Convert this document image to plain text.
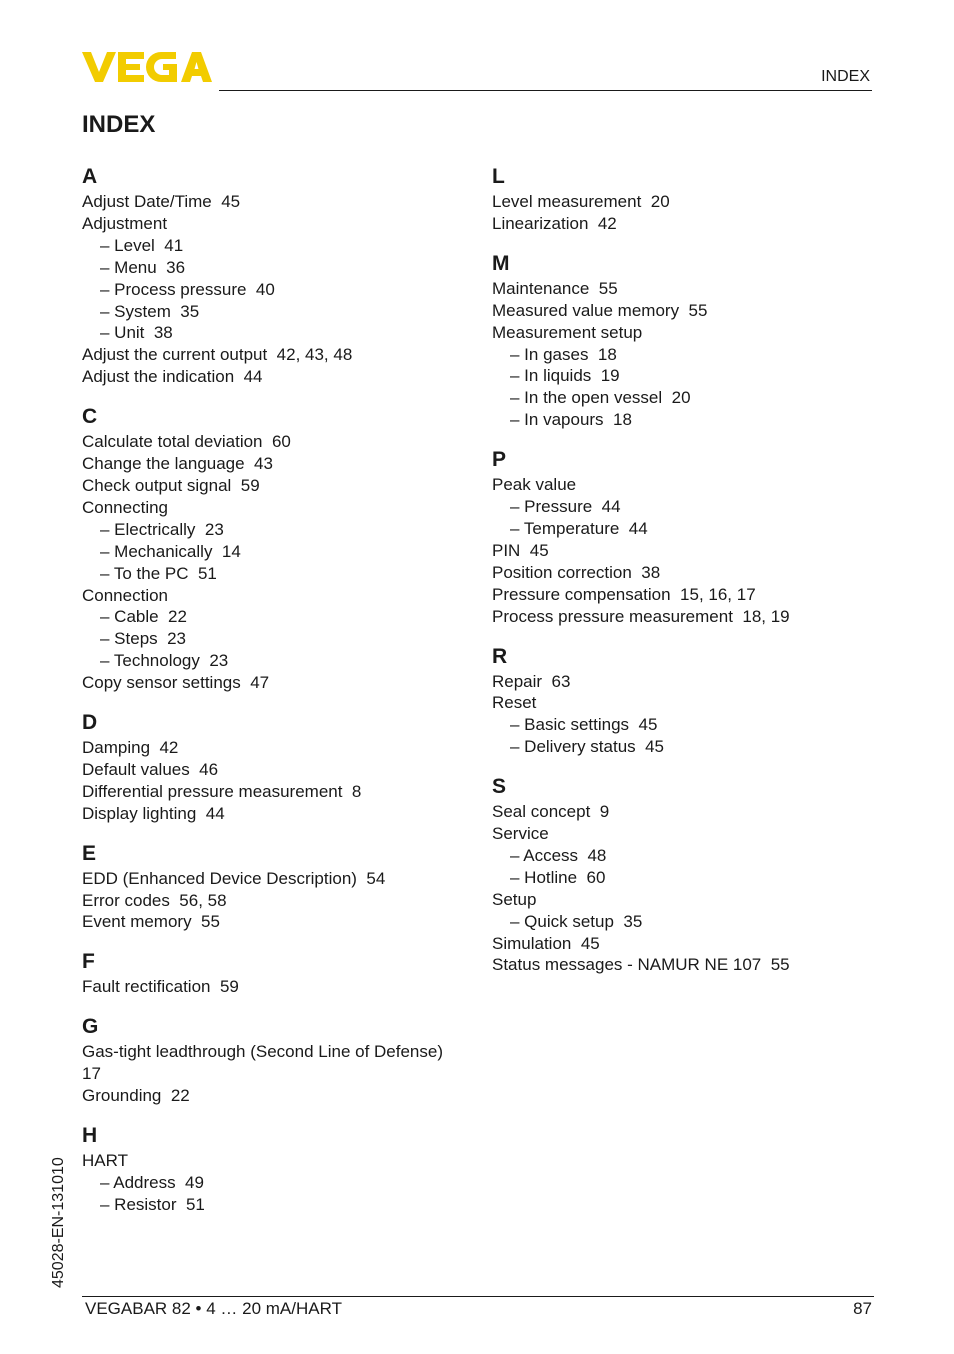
INDEX
INDEX
A
Adjust Date/Time  45
Adjustment
– Level  41
– Menu  36
– Process pressure  40
– System  35
– Unit  38
Adjust the current output  42, 43, 48
Adjust the indication  44
C
Calculate total deviation  60
Change the language  43
Check output signal  59
Connecting
– Electrically  23
– Mechanically  14
– To the PC  51
Connection
– Cable  22
– Steps  23
– Technology  23
Copy sensor settings  47
D
Damping  42
Default values  46
Differential pressure measurement  8
Display lighting  44
E
EDD (Enhanced Device Description)  54
Error codes  56, 58
Event memory  55
F
Fault rectification  59
G
Gas-tight leadthrough (Second Line of Defense)
17
Grounding  22
H
HART
– Address  49
– Resistor  51
L
Level measurement  20
Linearization  42
M
Maintenance  55
Measured value memory  55
Measurement setup
– In gases  18
– In liquids  19
– In the open vessel  20
– In vapours  18
P
Peak value
– Pressure  44
– Temperature  44
PIN  45
Position correction  38
Pressure compensation  15, 16, 17
Process pressure measurement  18, 19
R
Repair  63
Reset
– Basic settings  45
– Delivery status  45
S
Seal concept  9
Service
– Access  48
– Hotline  60
Setup
– Quick setup  35
Simulation  45
Status messages - NAMUR NE 107  55
VEGABAR 82 • 4 … 20 mA/HART	87
45028-EN-131010
